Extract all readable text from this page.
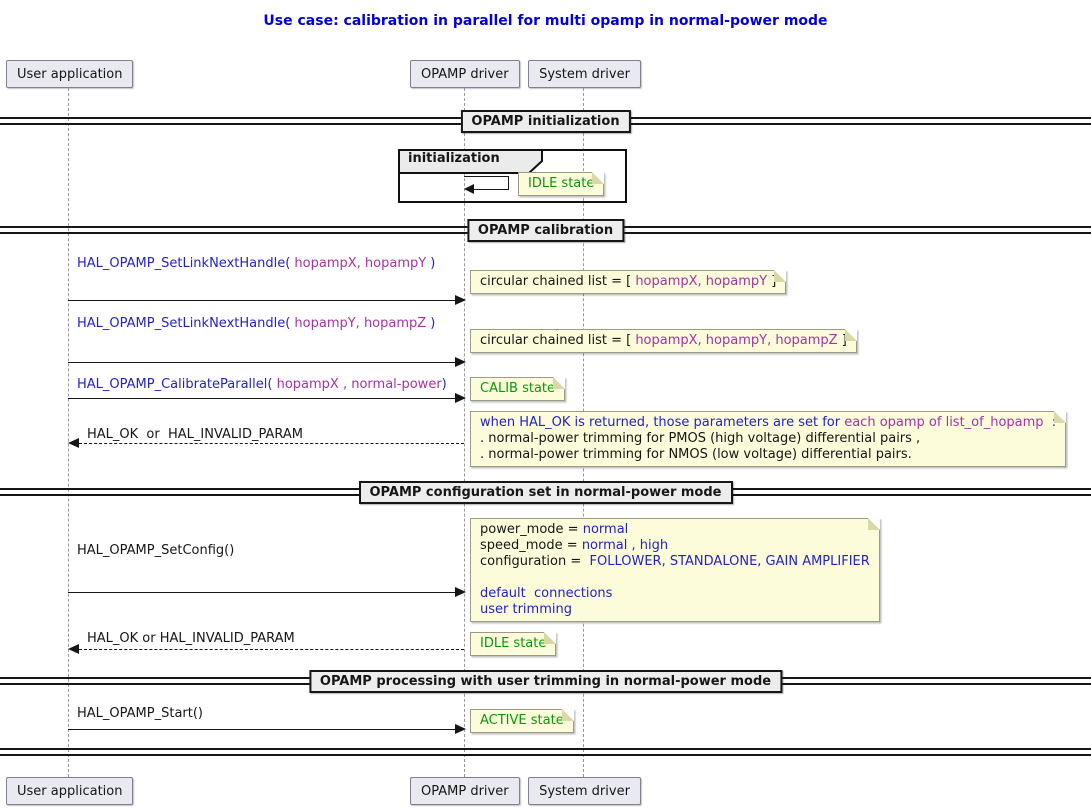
Use case: calibration in parallel for multi opamp in normal-power mode
User application	OPAMP driver	System driver
OPAMP initialization
initialization
IDLE state
OPAMP calibration
HAL_OPAMP_SetLinkNextHandle( hopampX, hopampY )
circular chained list = [ hopampX, hopampY ]
HAL_OPAMP_SetLinkNextHandle( hopampY, hopampZ )
circular chained list = [ hopampX, hopampY, hopampZ ]
HAL_OPAMP_CalibrateParallel( hopampX , normal-power)	CALIB state
HAL_OK  or  HAL_INVALID_PARAM
when HAL_OK is returned, those parameters are set for each opamp of list_of_hopamp  :
. normal-power trimming for PMOS (high voltage) differential pairs ,
. normal-power trimming for NMOS (low voltage) differential pairs.
OPAMP configuration set in normal-power mode
power_mode = normal
speed_mode = normal , high
configuration =  FOLLOWER, STANDALONE, GAIN AMPLIFIER
default  connections
user trimming
HAL_OPAMP_SetConfig()
HAL_OK or HAL_INVALID_PARAM	IDLE state
OPAMP processing with user trimming in normal-power mode
HAL_OPAMP_Start()	ACTIVE state
User application	OPAMP driver	System driver
